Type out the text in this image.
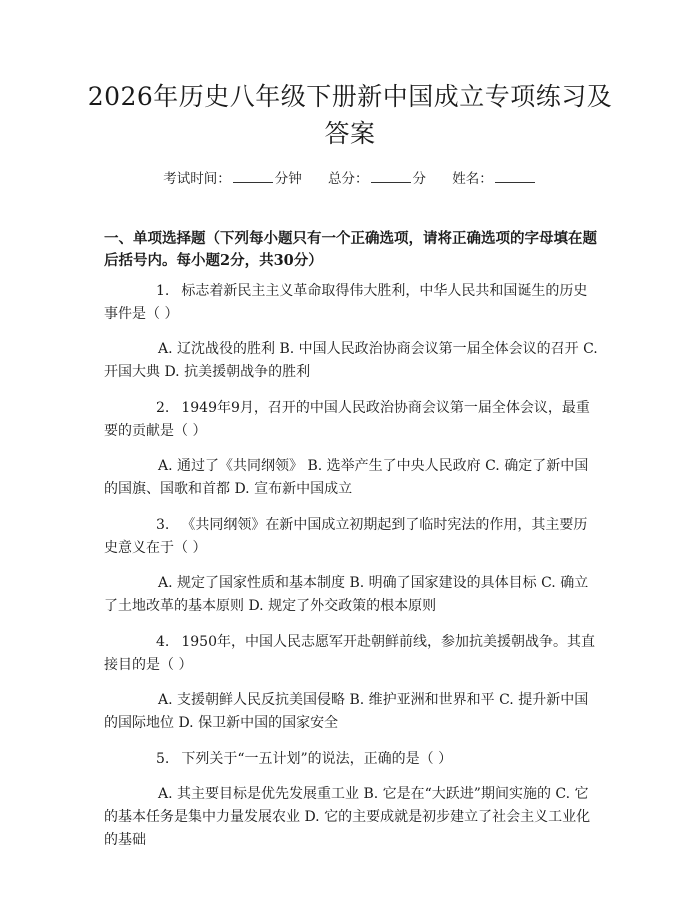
2026年历史八年级下册新中国成立专项练习及答案
考试时间：	分钟 总分：	分 姓名：

一、单项选择题（下列每小题只有一个正确选项，请将正确选项的字母填在题后括号内。每小题2分，共30分）

1. 标志着新民主主义革命取得伟大胜利，中华人民共和国诞生的历史事件是（ ）

A. 辽沈战役的胜利 B. 中国人民政治协商会议第一届全体会议的召开 C. 开国大典 D. 抗美援朝战争的胜利

2. 1949年9月，召开的中国人民政治协商会议第一届全体会议，最重要的贡献是（ ）

A. 通过了《共同纲领》 B. 选举产生了中央人民政府 C. 确定了新中国的国旗、国歌和首都 D. 宣布新中国成立

3. 《共同纲领》在新中国成立初期起到了临时宪法的作用，其主要历史意义在于（ ）

A. 规定了国家性质和基本制度 B. 明确了国家建设的具体目标 C. 确立了土地改革的基本原则 D. 规定了外交政策的根本原则

4. 1950年，中国人民志愿军开赴朝鲜前线，参加抗美援朝战争。其直接目的是（ ）

A. 支援朝鲜人民反抗美国侵略 B. 维护亚洲和世界和平 C. 提升新中国的国际地位 D. 保卫新中国的国家安全

5. 下列关于“一五计划”的说法，正确的是（ ）

A. 其主要目标是优先发展重工业 B. 它是在“大跃进”期间实施的 C. 它的基本任务是集中力量发展农业 D. 它的主要成就是初步建立了社会主义工业化的基础
